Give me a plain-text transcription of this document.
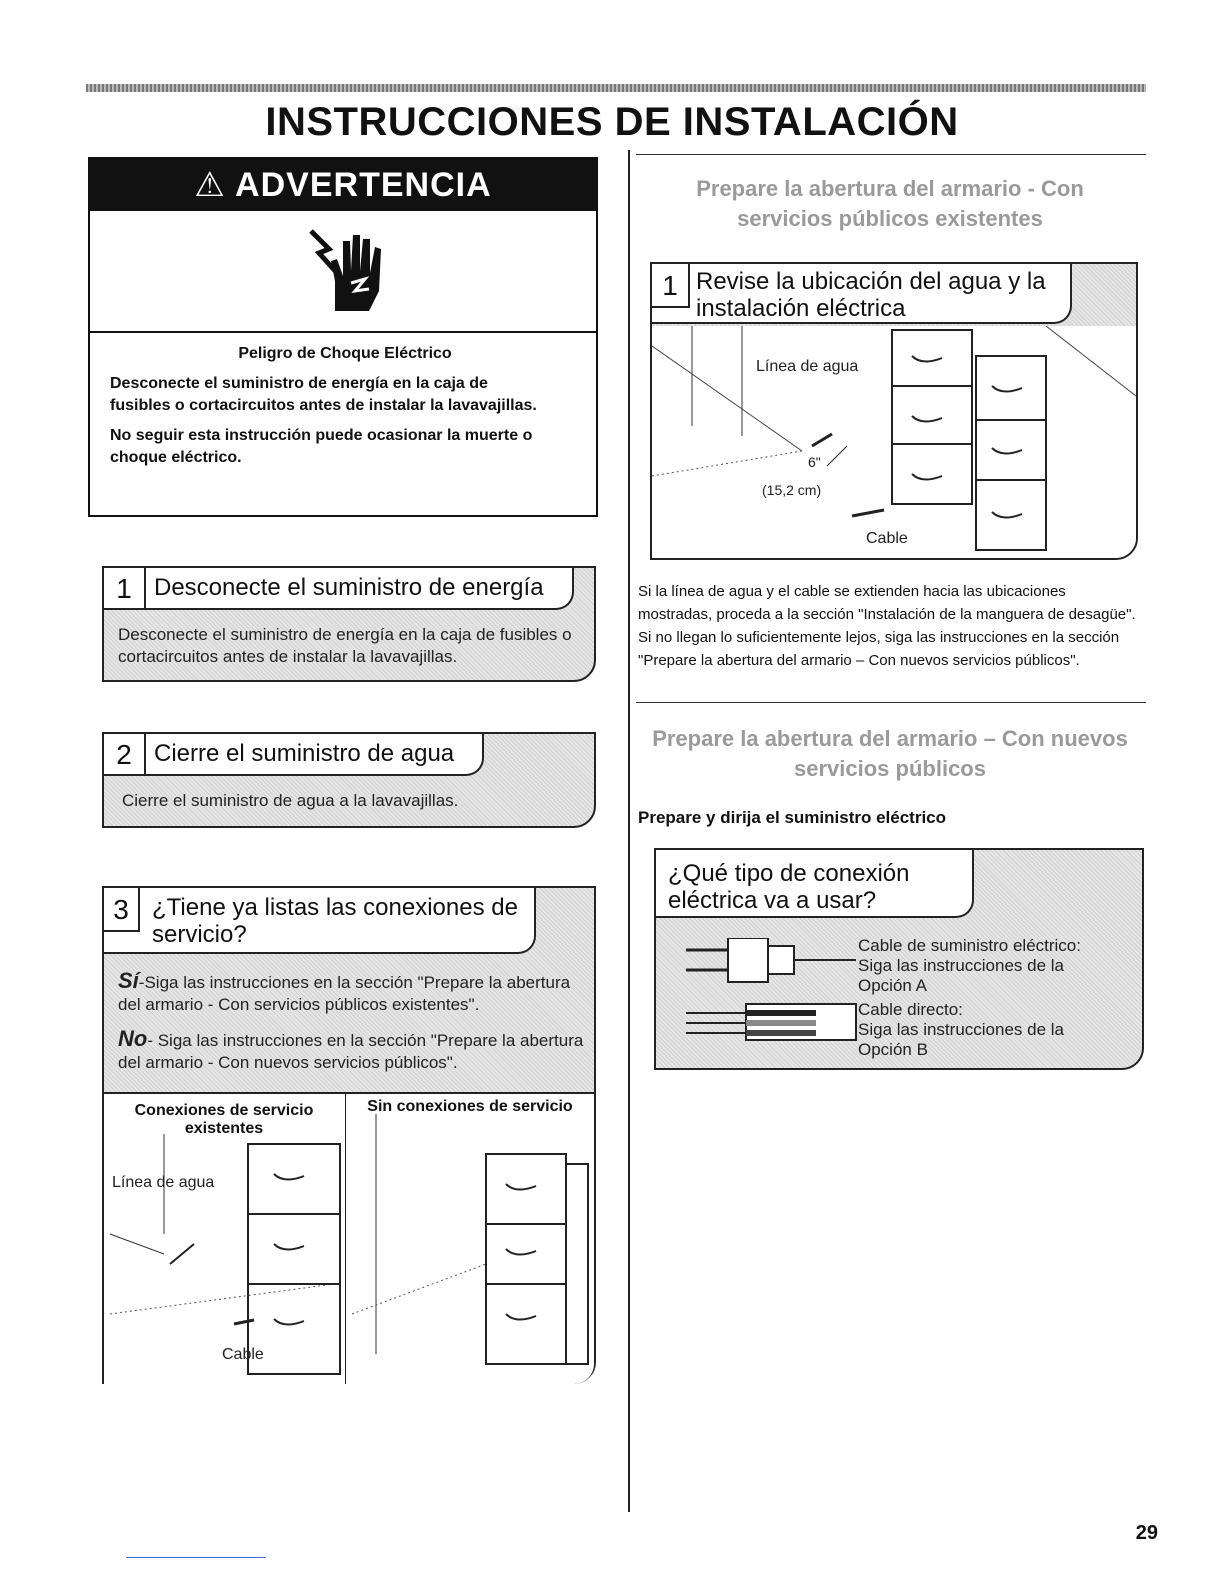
INSTRUCCIONES DE INSTALACIÓN
⚠ ADVERTENCIA
Peligro de Choque Eléctrico

Desconecte el suministro de energía en la caja de fusibles o cortacircuitos antes de instalar la lavavajillas.

No seguir esta instrucción puede ocasionar la muerte o choque eléctrico.

1 Desconecte el suministro de energía
Desconecte el suministro de energía en la caja de fusibles o cortacircuitos antes de instalar la lavavajillas.
2 Cierre el suministro de agua
Cierre el suministro de agua a la lavavajillas.
3 ¿Tiene ya listas las conexiones de servicio?
Sí-Siga las instrucciones en la sección "Prepare la abertura del armario - Con servicios públicos existentes".
No- Siga las instrucciones en la sección "Prepare la abertura del armario - Con nuevos servicios públicos".
Conexiones de servicio existentes
Línea de agua
Cable
Sin conexiones de servicio
Prepare la abertura del armario - Con servicios públicos existentes
1 Revise la ubicación del agua y la instalación eléctrica
Línea de agua
6"
(15,2 cm)
Cable
Si la línea de agua y el cable se extienden hacia las ubicaciones mostradas, proceda a la sección "Instalación de la manguera de desagüe". Si no llegan lo suficientemente lejos, siga las instrucciones en la sección "Prepare la abertura del armario – Con nuevos servicios públicos".
Prepare la abertura del armario – Con nuevos servicios públicos
Prepare y dirija el suministro eléctrico
¿Qué tipo de conexión eléctrica va a usar?
Cable de suministro eléctrico:
Siga las instrucciones de la Opción A
Cable directo:
Siga las instrucciones de la Opción B
29
